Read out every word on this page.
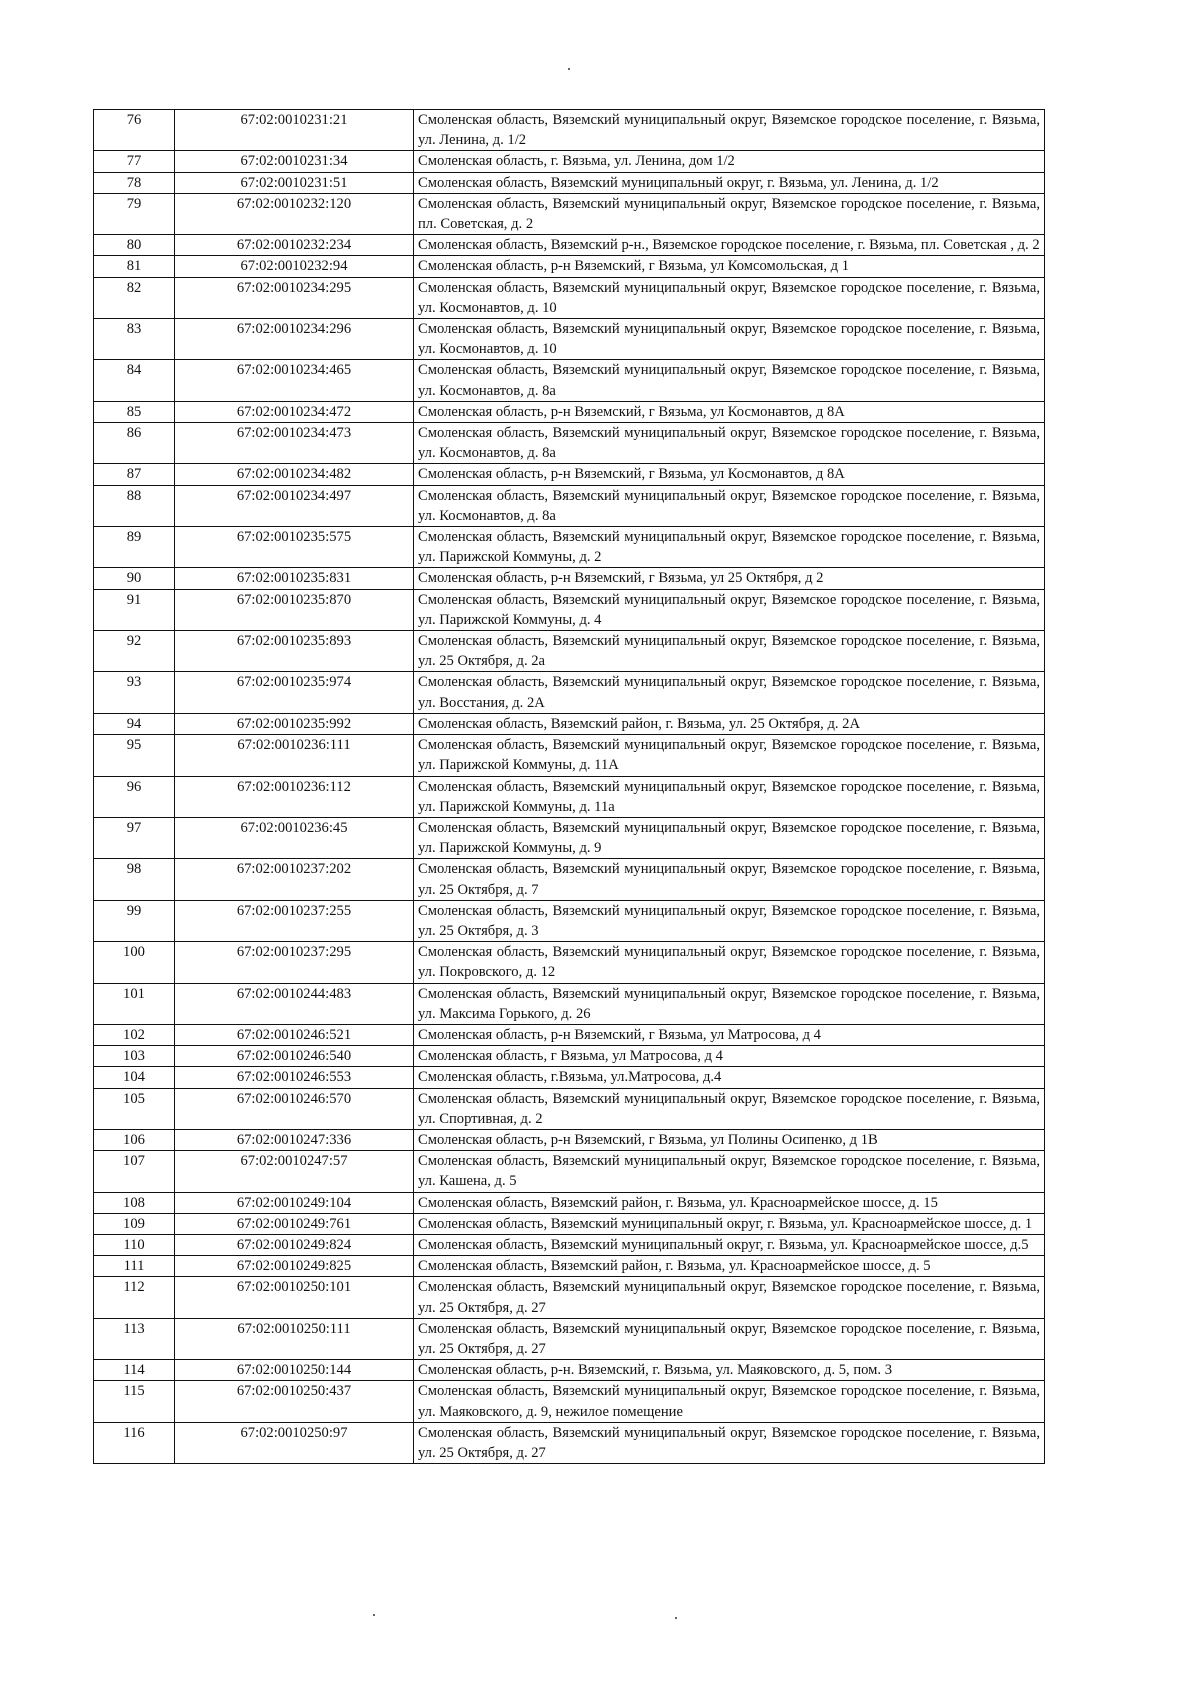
76	67:02:0010231:21	Смоленская область, Вяземский муниципальный округ, Вяземское городское поселение, г. Вязьма, ул. Ленина, д. 1/2
77	67:02:0010231:34	Смоленская область, г. Вязьма, ул. Ленина, дом 1/2
78	67:02:0010231:51	Смоленская область, Вяземский муниципальный округ, г. Вязьма, ул. Ленина, д. 1/2
79	67:02:0010232:120	Смоленская область, Вяземский муниципальный округ, Вяземское городское поселение, г. Вязьма, пл. Советская, д. 2
80	67:02:0010232:234	Смоленская область, Вяземский р-н., Вяземское городское поселение, г. Вязьма, пл. Советская , д. 2
81	67:02:0010232:94	Смоленская область, р-н Вяземский, г Вязьма, ул Комсомольская, д 1
82	67:02:0010234:295	Смоленская область, Вяземский муниципальный округ, Вяземское городское поселение, г. Вязьма, ул. Космонавтов, д. 10
83	67:02:0010234:296	Смоленская область, Вяземский муниципальный округ, Вяземское городское поселение, г. Вязьма, ул. Космонавтов, д. 10
84	67:02:0010234:465	Смоленская область, Вяземский муниципальный округ, Вяземское городское поселение, г. Вязьма, ул. Космонавтов, д. 8а
85	67:02:0010234:472	Смоленская область, р-н Вяземский, г Вязьма, ул Космонавтов, д 8А
86	67:02:0010234:473	Смоленская область, Вяземский муниципальный округ, Вяземское городское поселение, г. Вязьма, ул. Космонавтов, д. 8а
87	67:02:0010234:482	Смоленская область, р-н Вяземский, г Вязьма, ул Космонавтов, д 8А
88	67:02:0010234:497	Смоленская область, Вяземский муниципальный округ, Вяземское городское поселение, г. Вязьма, ул. Космонавтов, д. 8а
89	67:02:0010235:575	Смоленская область, Вяземский муниципальный округ, Вяземское городское поселение, г. Вязьма, ул. Парижской Коммуны, д. 2
90	67:02:0010235:831	Смоленская область, р-н Вяземский, г Вязьма, ул 25 Октября, д 2
91	67:02:0010235:870	Смоленская область, Вяземский муниципальный округ, Вяземское городское поселение, г. Вязьма, ул. Парижской Коммуны, д. 4
92	67:02:0010235:893	Смоленская область, Вяземский муниципальный округ, Вяземское городское поселение, г. Вязьма, ул. 25 Октября, д. 2а
93	67:02:0010235:974	Смоленская область, Вяземский муниципальный округ, Вяземское городское поселение, г. Вязьма, ул. Восстания, д. 2А
94	67:02:0010235:992	Смоленская область, Вяземский район, г. Вязьма, ул. 25 Октября, д. 2А
95	67:02:0010236:111	Смоленская область, Вяземский муниципальный округ, Вяземское городское поселение, г. Вязьма, ул. Парижской Коммуны, д. 11А
96	67:02:0010236:112	Смоленская область, Вяземский муниципальный округ, Вяземское городское поселение, г. Вязьма, ул. Парижской Коммуны, д. 11а
97	67:02:0010236:45	Смоленская область, Вяземский муниципальный округ, Вяземское городское поселение, г. Вязьма, ул. Парижской Коммуны, д. 9
98	67:02:0010237:202	Смоленская область, Вяземский муниципальный округ, Вяземское городское поселение, г. Вязьма, ул. 25 Октября, д. 7
99	67:02:0010237:255	Смоленская область, Вяземский муниципальный округ, Вяземское городское поселение, г. Вязьма, ул. 25 Октября, д. 3
100	67:02:0010237:295	Смоленская область, Вяземский муниципальный округ, Вяземское городское поселение, г. Вязьма, ул. Покровского, д. 12
101	67:02:0010244:483	Смоленская область, Вяземский муниципальный округ, Вяземское городское поселение, г. Вязьма, ул. Максима Горького, д. 26
102	67:02:0010246:521	Смоленская область, р-н Вяземский, г Вязьма, ул Матросова, д 4
103	67:02:0010246:540	Смоленская область, г Вязьма, ул Матросова, д 4
104	67:02:0010246:553	Смоленская область, г.Вязьма, ул.Матросова, д.4
105	67:02:0010246:570	Смоленская область, Вяземский муниципальный округ, Вяземское городское поселение, г. Вязьма, ул. Спортивная, д. 2
106	67:02:0010247:336	Смоленская область, р-н Вяземский, г Вязьма, ул Полины Осипенко, д 1В
107	67:02:0010247:57	Смоленская область, Вяземский муниципальный округ, Вяземское городское поселение, г. Вязьма, ул. Кашена, д. 5
108	67:02:0010249:104	Смоленская область, Вяземский район, г. Вязьма, ул. Красноармейское шоссе, д. 15
109	67:02:0010249:761	Смоленская область, Вяземский муниципальный округ, г. Вязьма, ул. Красноармейское шоссе, д. 1
110	67:02:0010249:824	Смоленская область, Вяземский муниципальный округ, г. Вязьма, ул. Красноармейское шоссе, д.5
111	67:02:0010249:825	Смоленская область, Вяземский район, г. Вязьма, ул. Красноармейское шоссе, д. 5
112	67:02:0010250:101	Смоленская область, Вяземский муниципальный округ, Вяземское городское поселение, г. Вязьма, ул. 25 Октября, д. 27
113	67:02:0010250:111	Смоленская область, Вяземский муниципальный округ, Вяземское городское поселение, г. Вязьма, ул. 25 Октября, д. 27
114	67:02:0010250:144	Смоленская область, р-н. Вяземский, г. Вязьма, ул. Маяковского, д. 5, пом. 3
115	67:02:0010250:437	Смоленская область, Вяземский муниципальный округ, Вяземское городское поселение, г. Вязьма, ул. Маяковского, д. 9, нежилое помещение
116	67:02:0010250:97	Смоленская область, Вяземский муниципальный округ, Вяземское городское поселение, г. Вязьма, ул. 25 Октября, д. 27
